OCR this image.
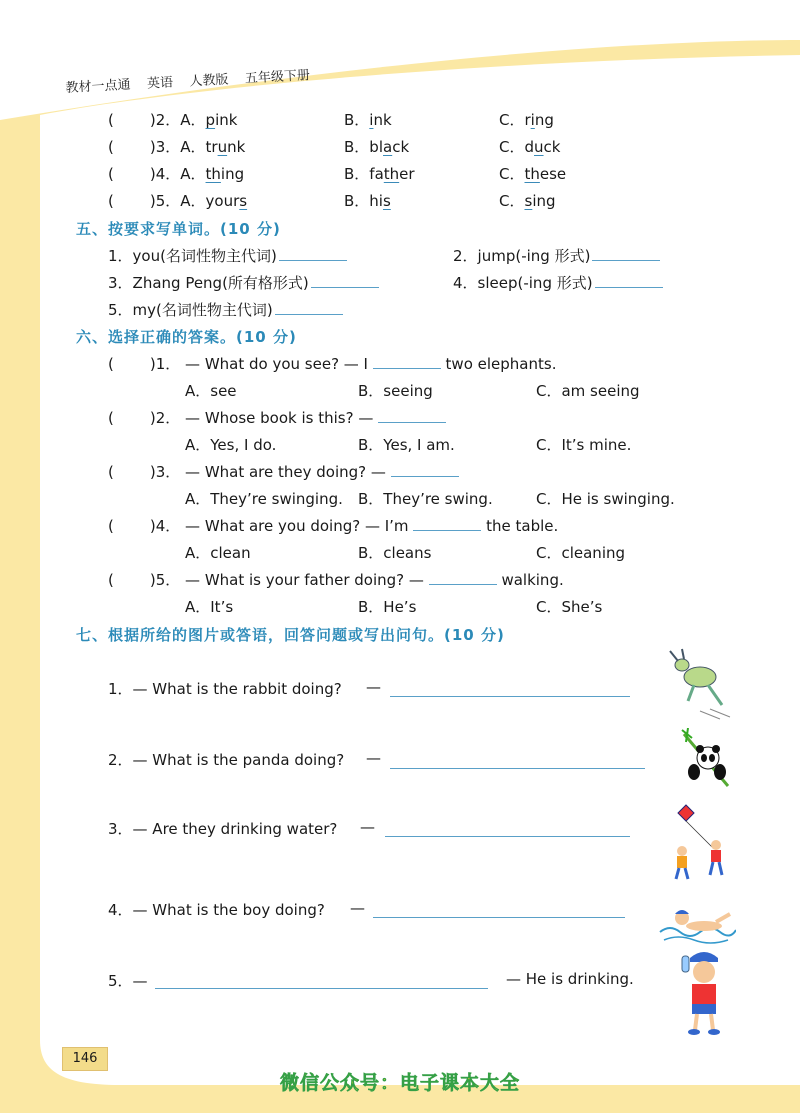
教材一点通 英语 人教版 五年级下册
( )2．A．pink	B．ink	C．ring
( )3．A．trunk	B．black	C．duck
( )4．A．thing	B．father	C．these
( )5．A．yours	B．his	C．sing
五、按要求写单词。(10 分)
1．you(名词性物主代词)	2．jump(-ing 形式)
3．Zhang Peng(所有格形式)	4．sleep(-ing 形式)
5．my(名词性物主代词)
六、选择正确的答案。(10 分)
( )1． — What do you see? — I	two elephants.
A．see	B．seeing	C．am seeing
( )2． — Whose book is this? —
A．Yes, I do.	B．Yes, I am.	C．It’s mine.
( )3． — What are they doing? —
A．They’re swinging. B．They’re swing.	C．He is swinging.
( )4． — What are you doing? — I’m	the table.
A．clean	B．cleans	C．cleaning
( )5． — What is your father doing? —	walking.
A．It’s	B．He’s	C．She’s
七、根据所给的图片或答语，回答问题或写出问句。(10 分)
1．— What is the rabbit doing? —
2．— What is the panda doing? —
3．— Are they drinking water? —
4．— What is the boy doing? —
5．—	— He is drinking.
146
微信公众号：电子课本大全
